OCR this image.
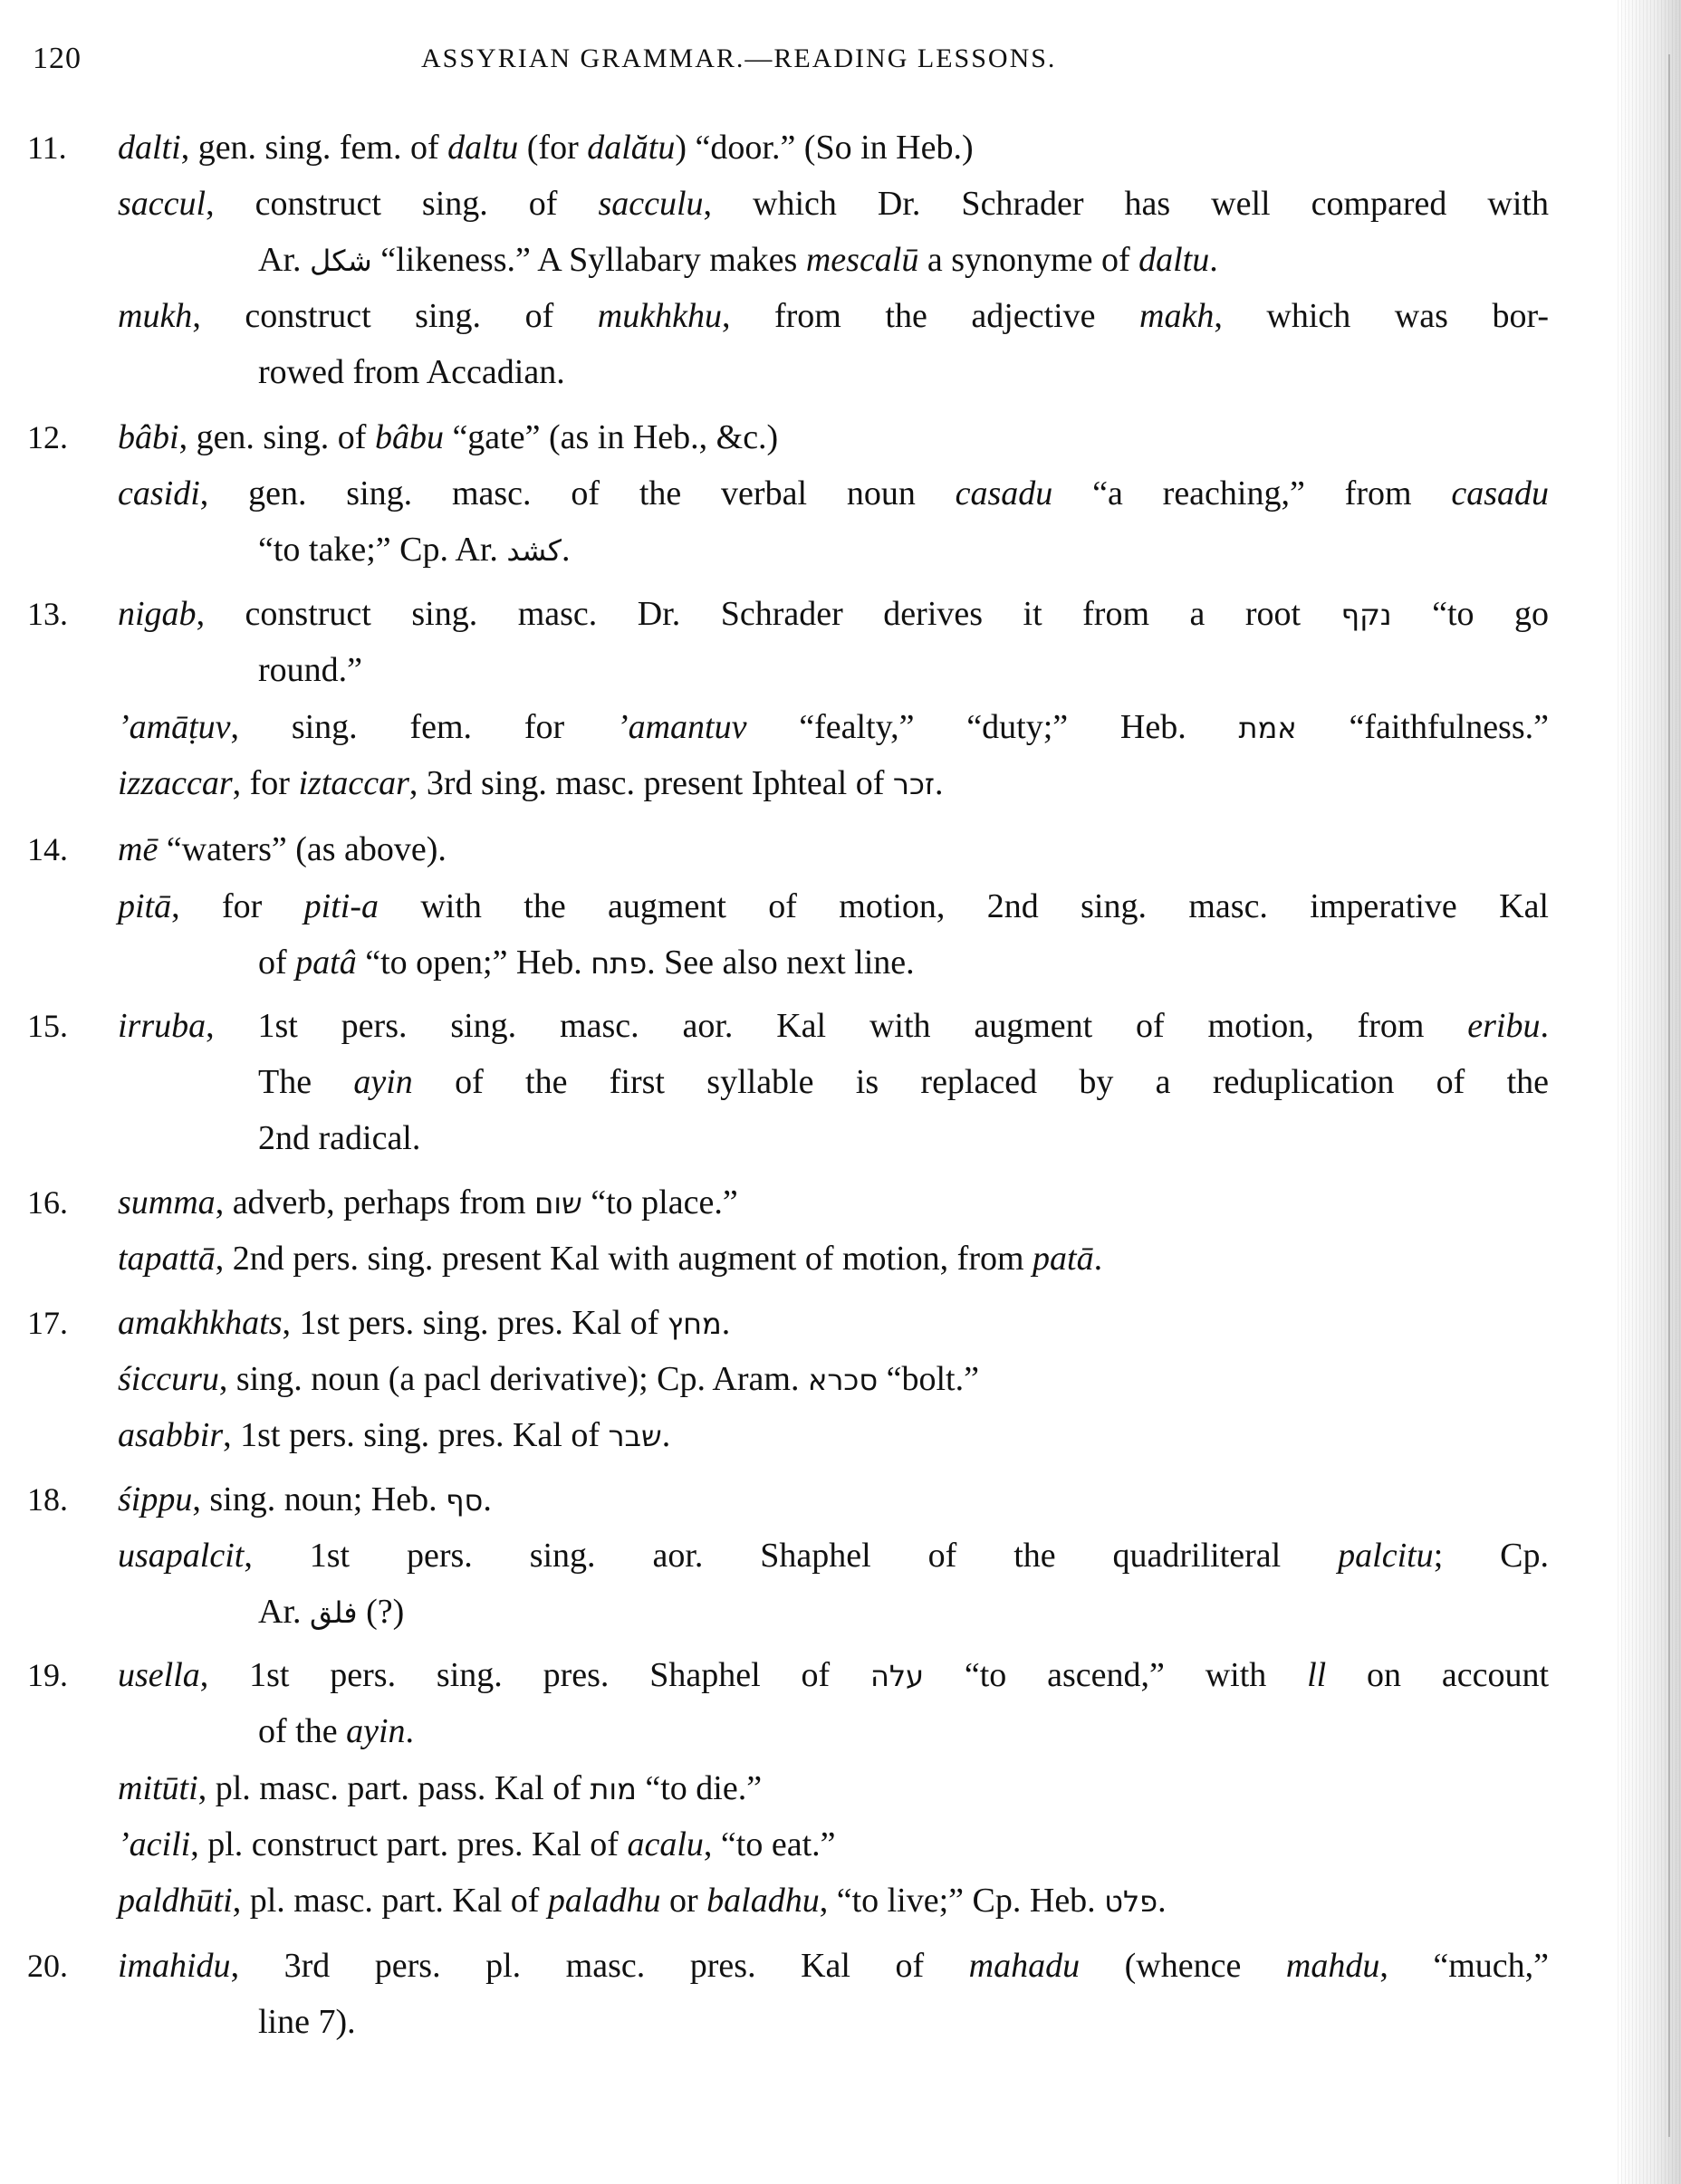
120	ASSYRIAN GRAMMAR.—READING LESSONS.
11. dalti, gen. sing. fem. of daltu (for dalătu) “door.” (So in Heb.)
saccul, construct sing. of sacculu, which Dr. Schrader has well compared with
Ar. شكل “likeness.” A Syllabary makes mescalū a synonyme of daltu.
mukh, construct sing. of mukhkhu, from the adjective makh, which was bor-
rowed from Accadian.
12. bâbi, gen. sing. of bâbu “gate” (as in Heb., &c.)
casidi, gen. sing. masc. of the verbal noun casadu “a reaching,” from casadu
“to take;” Cp. Ar. كشد.
13. nigab, construct sing. masc. Dr. Schrader derives it from a root נקף “to go
round.”
’amāṭuv, sing. fem. for ’amantuv “fealty,” “duty;” Heb. אמת “faithfulness.”
izzaccar, for iztaccar, 3rd sing. masc. present Iphteal of זכר.
14. mē “waters” (as above).
pitā, for piti-a with the augment of motion, 2nd sing. masc. imperative Kal
of patâ “to open;” Heb. פתח. See also next line.
15. irruba, 1st pers. sing. masc. aor. Kal with augment of motion, from eribu.
The ayin of the first syllable is replaced by a reduplication of the
2nd radical.
16. summa, adverb, perhaps from שום “to place.”
tapattā, 2nd pers. sing. present Kal with augment of motion, from patā.
17. amakhkhats, 1st pers. sing. pres. Kal of מחץ.
śiccuru, sing. noun (a pacl derivative); Cp. Aram. סכרא “bolt.”
asabbir, 1st pers. sing. pres. Kal of שבר.
18. śippu, sing. noun; Heb. סף.
usapalcit, 1st pers. sing. aor. Shaphel of the quadriliteral palcitu; Cp.
Ar. فلق (?)
19. usella, 1st pers. sing. pres. Shaphel of עלה “to ascend,” with ll on account
of the ayin.
mitūti, pl. masc. part. pass. Kal of מות “to die.”
’acili, pl. construct part. pres. Kal of acalu, “to eat.”
paldhūti, pl. masc. part. Kal of paladhu or baladhu, “to live;” Cp. Heb. פלט.
20. imahidu, 3rd pers. pl. masc. pres. Kal of mahadu (whence mahdu, “much,”
line 7).
